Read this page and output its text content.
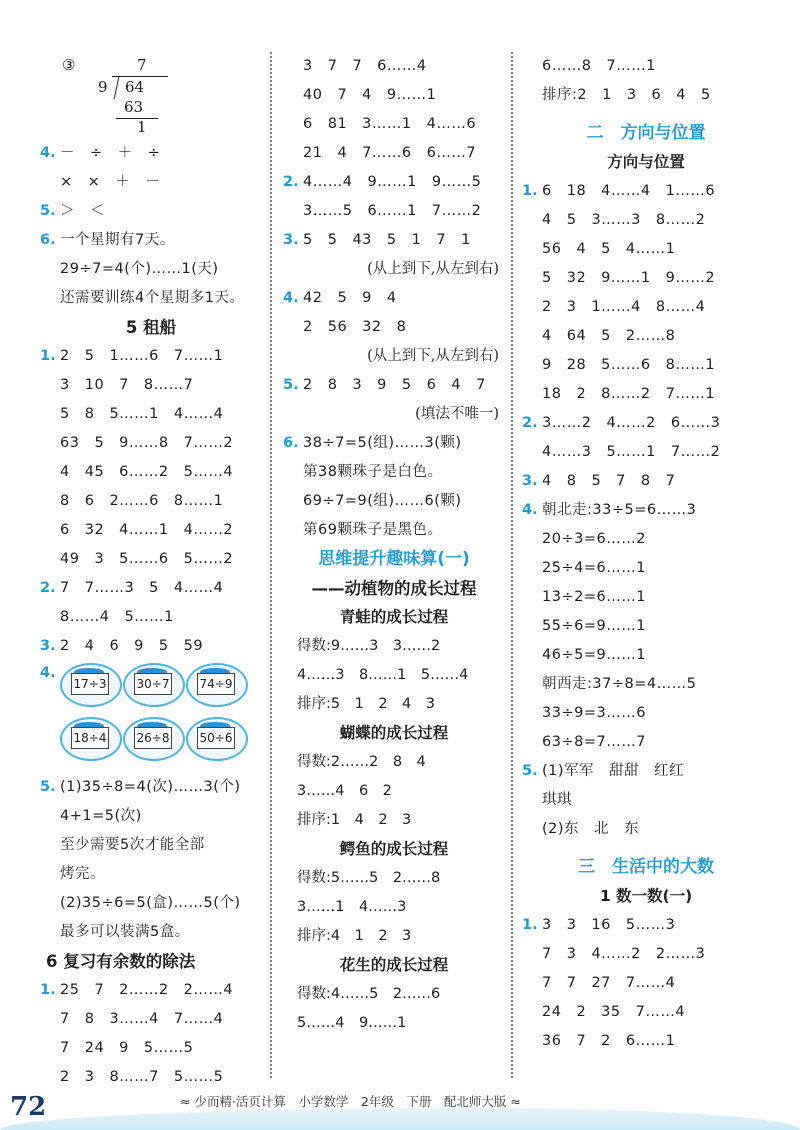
③	7
9 64
63
1
4. －　÷　＋　÷
×　×　＋　－
5. ＞　＜
6. 一个星期有7天。
29÷7=4(个)……1(天)
还需要训练4个星期多1天。
5 租船
1. 2　5　1……6　7……1
3　10　7　8……7
5　8　5……1　4……4
63　5　9……8　7……2
4　45　6……2　5……4
8　6　2……6　8……1
6　32　4……1　4……2
49　3　5……6　5……2
2. 7　7……3　5　4……4
8……4　5……1
3. 2　4　6　9　5　59
4.
17÷3	30÷7	74÷9
18÷4	26÷8	50÷6
5. (1)35÷8=4(次)……3(个)
4+1=5(次)
至少需要5次才能全部
烤完。
(2)35÷6=5(盒)……5(个)
最多可以装满5盒。
6 复习有余数的除法
1. 25　7　2……2　2……4
7　8　3……4　7……4
7　24　9　5……5
2　3　8……7　5……5
3　7　7　6……4
40　7　4　9……1
6　81　3……1　4……6
21　4　7……6　6……7
2. 4……4　9……1　9……5
3……5　6……1　7……2
3. 5　5　43　5　1　7　1
(从上到下,从左到右)
4. 42　5　9　4
2　56　32　8
(从上到下,从左到右)
5. 2　8　3　9　5　6　4　7
(填法不唯一)
6. 38÷7=5(组)……3(颗)
第38颗珠子是白色。
69÷7=9(组)……6(颗)
第69颗珠子是黑色。
思维提升趣味算(一)
——动植物的成长过程
青蛙的成长过程
得数:9……3　3……2
4……3　8……1　5……4
排序:5　1　2　4　3
蝴蝶的成长过程
得数:2……2　8　4
3……4　6　2
排序:1　4　2　3
鳄鱼的成长过程
得数:5……5　2……8
3……1　4……3
排序:4　1　2　3
花生的成长过程
得数:4……5　2……6
5……4　9……1
6……8　7……1
排序:2　1　3　6　4　5
二　方向与位置
方向与位置
1. 6　18　4……4　1……6
4　5　3……3　8……2
56　4　5　4……1
5　32　9……1　9……2
2　3　1……4　8……4
4　64　5　2……8
9　28　5……6　8……1
18　2　8……2　7……1
2. 3……2　4……2　6……3
4……3　5……1　7……2
3. 4　8　5　7　8　7
4. 朝北走:33÷5=6……3
20÷3=6……2
25÷4=6……1
13÷2=6……1
55÷6=9……1
46÷5=9……1
朝西走:37÷8=4……5
33÷9=3……6
63÷8=7……7
5. (1)军军　甜甜　红红
琪琪
(2)东　北　东
三　生活中的大数
1 数一数(一)
1. 3　3　16　5……3
7　3　4……2　2……3
7　7　27　7……4
24　2　35　7……4
36　7　2　6……1
72	≈ 少而精·活页计算　小学数学　2年级　下册　配北师大版 ≈
